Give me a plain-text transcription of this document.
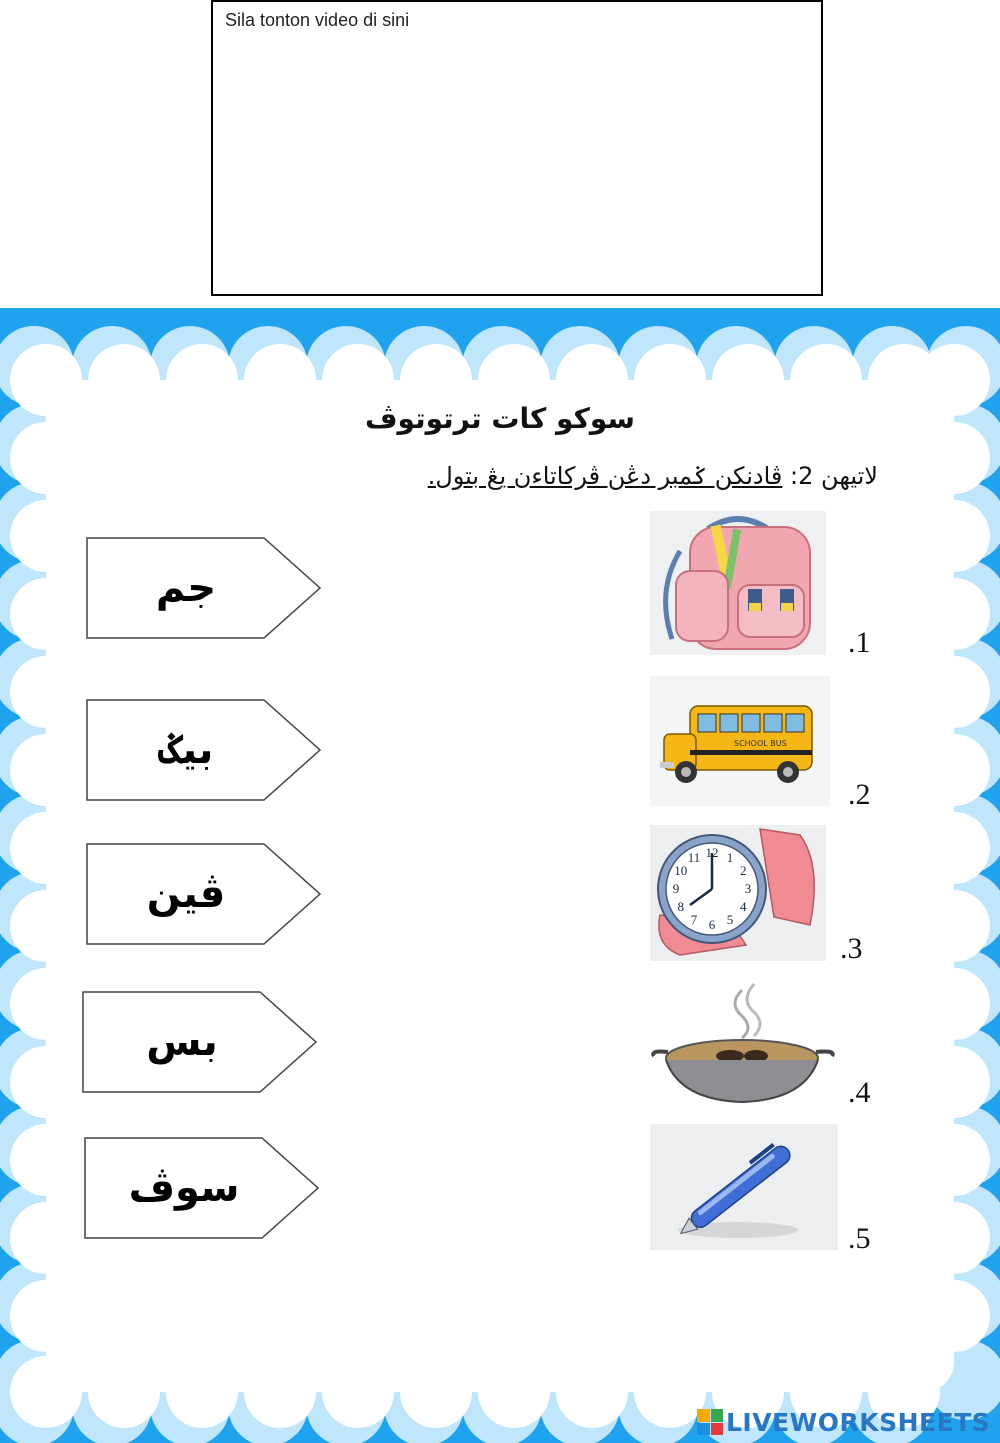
Sila tonton video di sini
سوكو كات ترتوتوڤ
لاتيهن 2: ڤادنكن ݢمبر دڠن ڤرکاتاءن يڠ بتول.
جم
بيݢ
ڤين
بس
سوڤ
.1
SCHOOL BUS
.2
12 1
2
3
4
5
6
7
8
9
10
11
.3
.4
.5
LIVEWORKSHEETS
